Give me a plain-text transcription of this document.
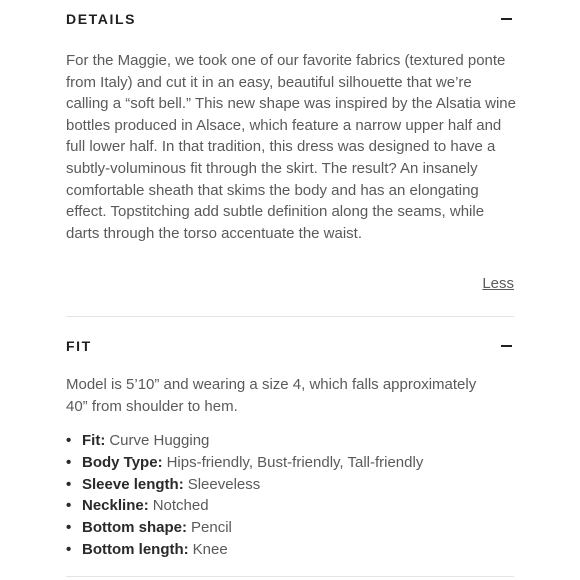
DETAILS

For the Maggie, we took one of our favorite fabrics (textured ponte from Italy) and cut it in an easy, beautiful silhouette that we’re calling a “soft bell.” This new shape was inspired by the Alsatia wine bottles produced in Alsace, which feature a narrow upper half and full lower half. In that tradition, this dress was designed to have a subtly-voluminous fit through the skirt. The result? An insanely comfortable sheath that skims the body and has an elongating effect. Topstitching add subtle definition along the seams, while darts through the torso accentuate the waist.

Less
FIT

Model is 5’10” and wearing a size 4, which falls approximately 40” from shoulder to hem.

• Fit : Curve Hugging
• Body Type : Hips-friendly, Bust-friendly, Tall-friendly
• Sleeve length : Sleeveless
• Neckline : Notched
• Bottom shape : Pencil
• Bottom length : Knee
